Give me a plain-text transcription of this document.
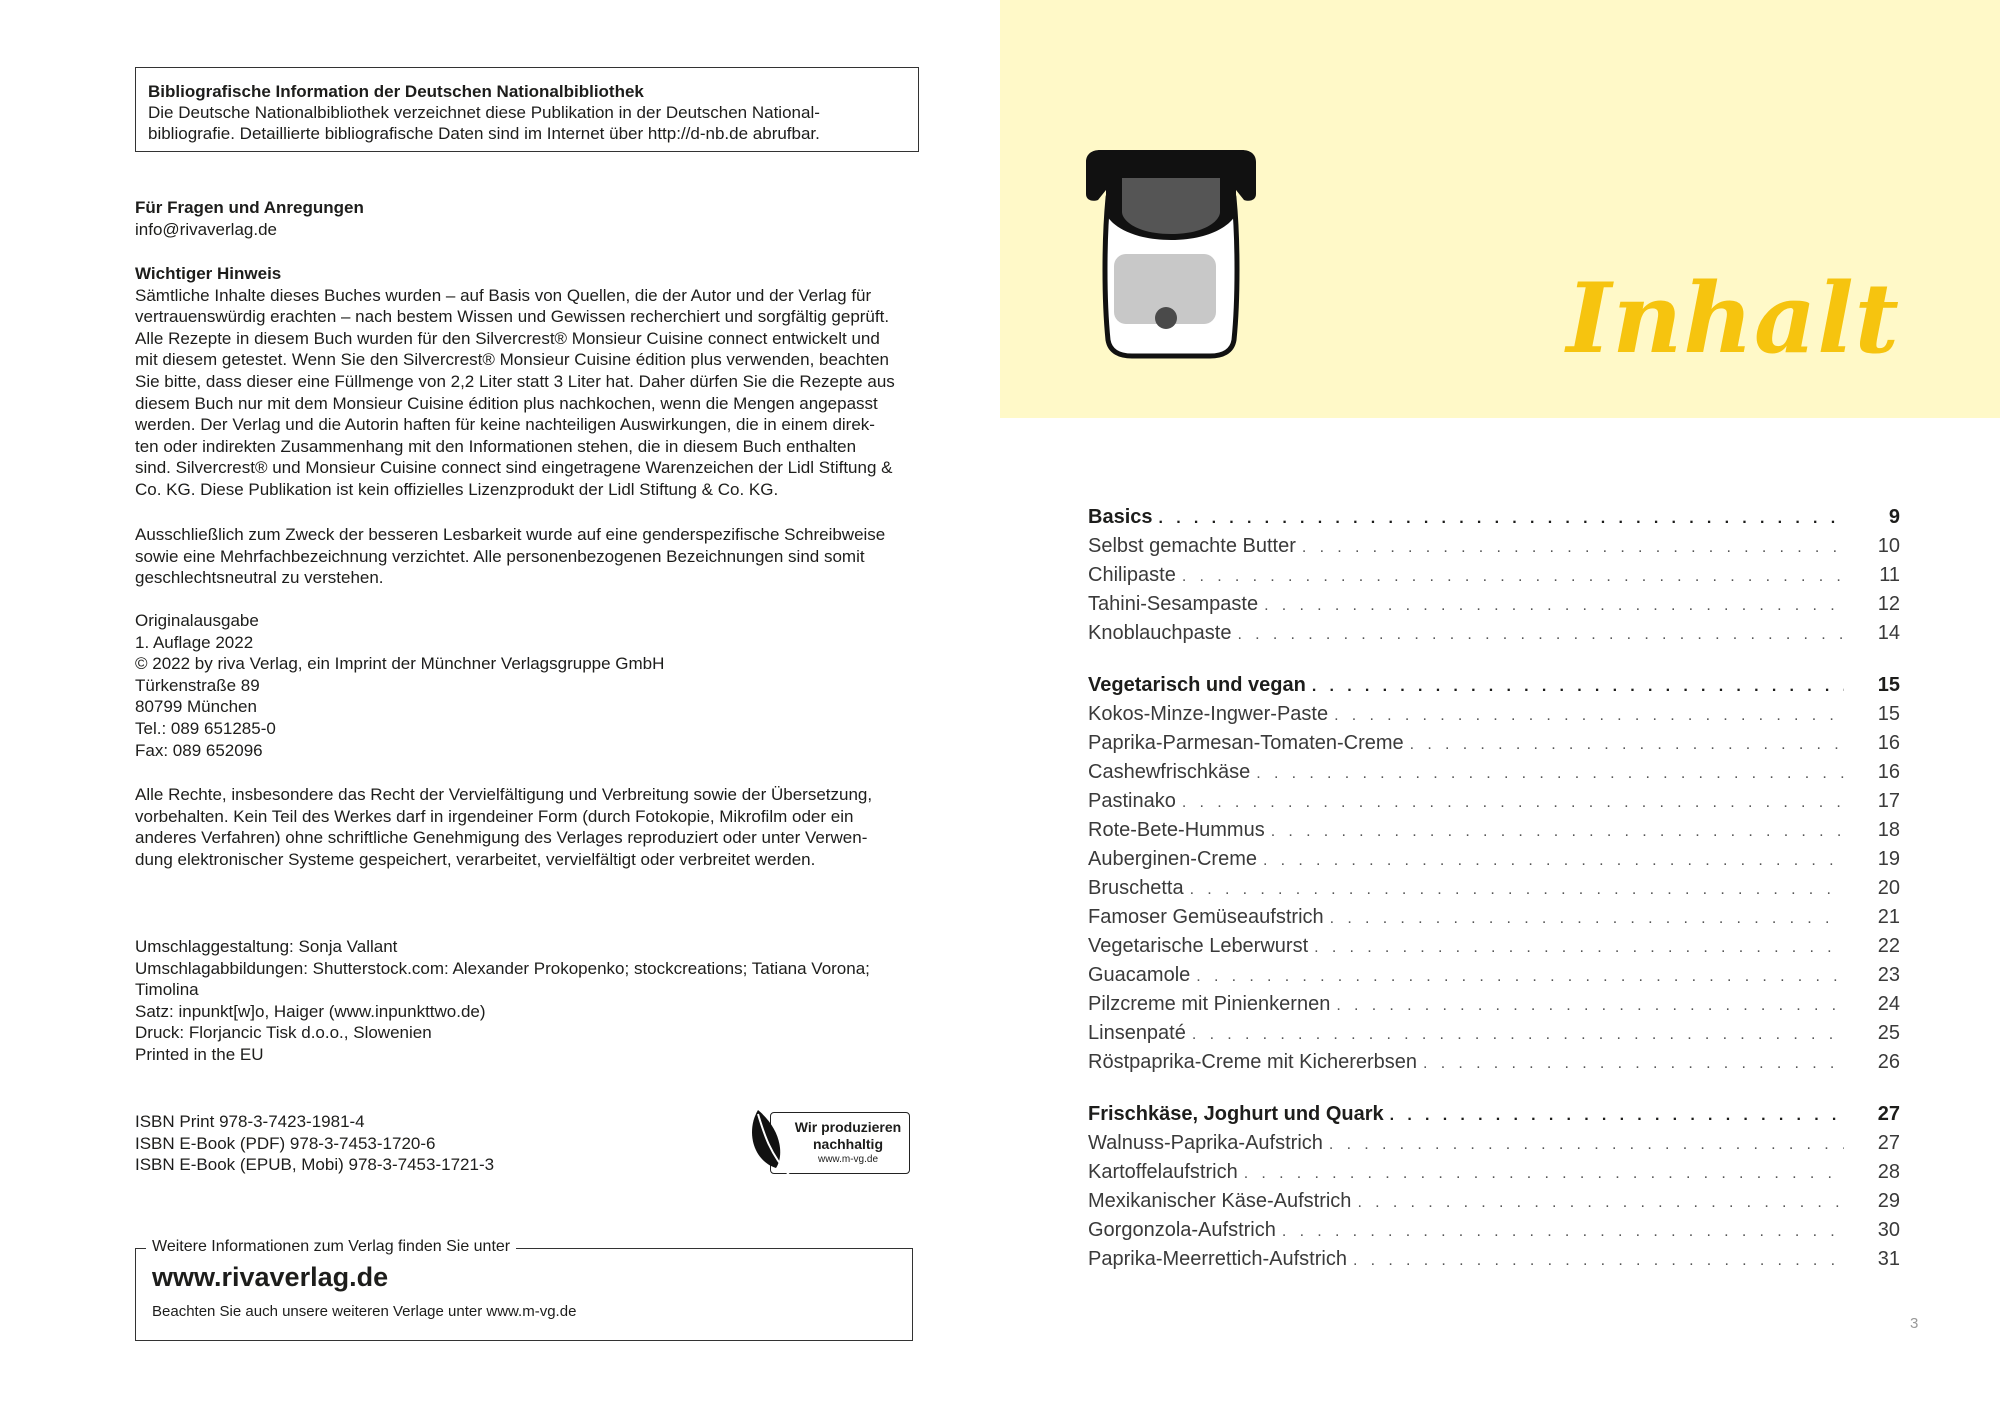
Bibliografische Information der Deutschen Nationalbibliothek
Die Deutsche Nationalbibliothek verzeichnet diese Publikation in der Deutschen National-
bibliografie. Detaillierte bibliografische Daten sind im Internet über http://d-nb.de abrufbar.
Für Fragen und Anregungen
info@rivaverlag.de
Wichtiger Hinweis
Sämtliche Inhalte dieses Buches wurden – auf Basis von Quellen, die der Autor und der Verlag für
vertrauenswürdig erachten – nach bestem Wissen und Gewissen recherchiert und sorgfältig geprüft.
Alle Rezepte in diesem Buch wurden für den Silvercrest® Monsieur Cuisine connect entwickelt und
mit diesem getestet. Wenn Sie den Silvercrest® Monsieur Cuisine édition plus verwenden, beachten
Sie bitte, dass dieser eine Füllmenge von 2,2 Liter statt 3 Liter hat. Daher dürfen Sie die Rezepte aus
diesem Buch nur mit dem Monsieur Cuisine édition plus nachkochen, wenn die Mengen angepasst
werden. Der Verlag und die Autorin haften für keine nachteiligen Auswirkungen, die in einem direk-
ten oder indirekten Zusammenhang mit den Informationen stehen, die in diesem Buch enthalten
sind. Silvercrest® und Monsieur Cuisine connect sind eingetragene Warenzeichen der Lidl Stiftung &
Co. KG. Diese Publikation ist kein offizielles Lizenzprodukt der Lidl Stiftung & Co. KG.
Ausschließlich zum Zweck der besseren Lesbarkeit wurde auf eine genderspezifische Schreibweise
sowie eine Mehrfachbezeichnung verzichtet. Alle personenbezogenen Bezeichnungen sind somit
geschlechtsneutral zu verstehen.
Originalausgabe
1. Auflage 2022
© 2022 by riva Verlag, ein Imprint der Münchner Verlagsgruppe GmbH
Türkenstraße 89
80799 München
Tel.: 089 651285-0
Fax: 089 652096
Alle Rechte, insbesondere das Recht der Vervielfältigung und Verbreitung sowie der Übersetzung,
vorbehalten. Kein Teil des Werkes darf in irgendeiner Form (durch Fotokopie, Mikrofilm oder ein
anderes Verfahren) ohne schriftliche Genehmigung des Verlages reproduziert oder unter Verwen-
dung elektronischer Systeme gespeichert, verarbeitet, vervielfältigt oder verbreitet werden.
Umschlaggestaltung: Sonja Vallant
Umschlagabbildungen: Shutterstock.com: Alexander Prokopenko; stockcreations; Tatiana Vorona;
Timolina
Satz: inpunkt[w]o, Haiger (www.inpunkttwo.de)
Druck: Florjancic Tisk d.o.o., Slowenien
Printed in the EU
ISBN Print 978-3-7423-1981-4
ISBN E-Book (PDF) 978-3-7453-1720-6
ISBN E-Book (EPUB, Mobi) 978-3-7453-1721-3
Wir produzieren
nachhaltig
www.m-vg.de
Weitere Informationen zum Verlag finden Sie unter
www.rivaverlag.de
Beachten Sie auch unsere weiteren Verlage unter www.m-vg.de
Inhalt
Basics . . .	9
Selbst gemachte Butter . . .	10
Chilipaste . . .	11
Tahini-Sesampaste . . .	12
Knoblauchpaste . . .	14
Vegetarisch und vegan . . .	15
Kokos-Minze-Ingwer-Paste . . .	15
Paprika-Parmesan-Tomaten-Creme . . .	16
Cashewfrischkäse . . .	16
Pastinako . . .	17
Rote-Bete-Hummus . . .	18
Auberginen-Creme . . .	19
Bruschetta . . .	20
Famoser Gemüseaufstrich . . .	21
Vegetarische Leberwurst . . .	22
Guacamole . . .	23
Pilzcreme mit Pinienkernen . . .	24
Linsenpaté . . .	25
Röstpaprika-Creme mit Kichererbsen . . .	26
Frischkäse, Joghurt und Quark . . .	27
Walnuss-Paprika-Aufstrich . . .	27
Kartoffelaufstrich . . .	28
Mexikanischer Käse-Aufstrich . . .	29
Gorgonzola-Aufstrich . . .	30
Paprika-Meerrettich-Aufstrich . . .	31
3
